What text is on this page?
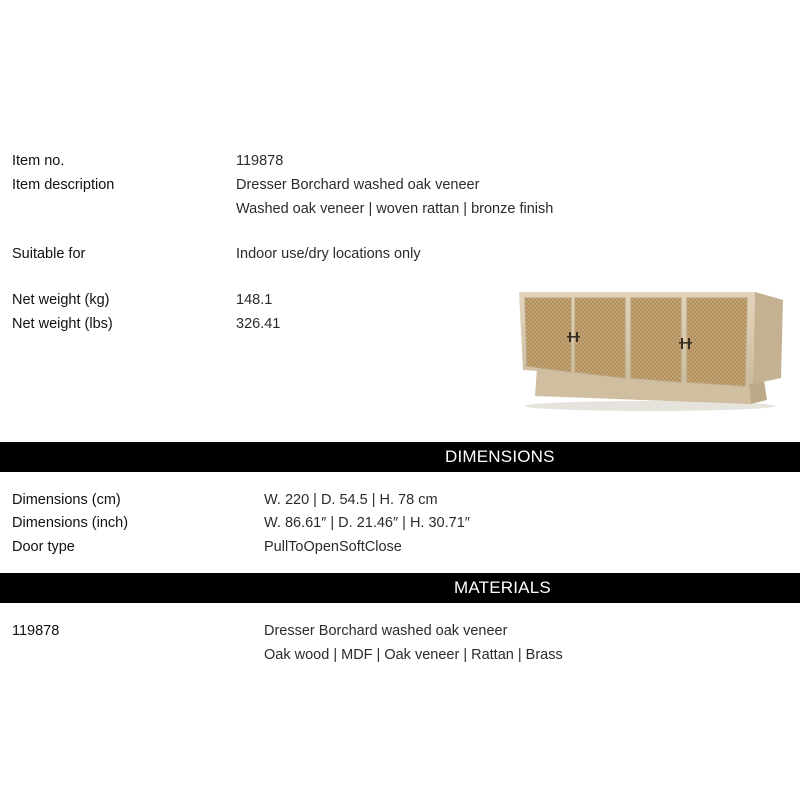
Item no.	119878
Item description	Dresser Borchard washed oak veneer
Washed oak veneer | woven rattan | bronze finish
Suitable for	Indoor use/dry locations only
Net weight (kg)	148.1
Net weight (lbs)	326.41
DIMENSIONS
Dimensions (cm)	W. 220 | D. 54.5 | H. 78 cm
Dimensions (inch)	W. 86.61″ | D. 21.46″ | H. 30.71″
Door type	PullToOpenSoftClose
MATERIALS
119878	Dresser Borchard washed oak veneer
Oak wood | MDF | Oak veneer | Rattan | Brass
